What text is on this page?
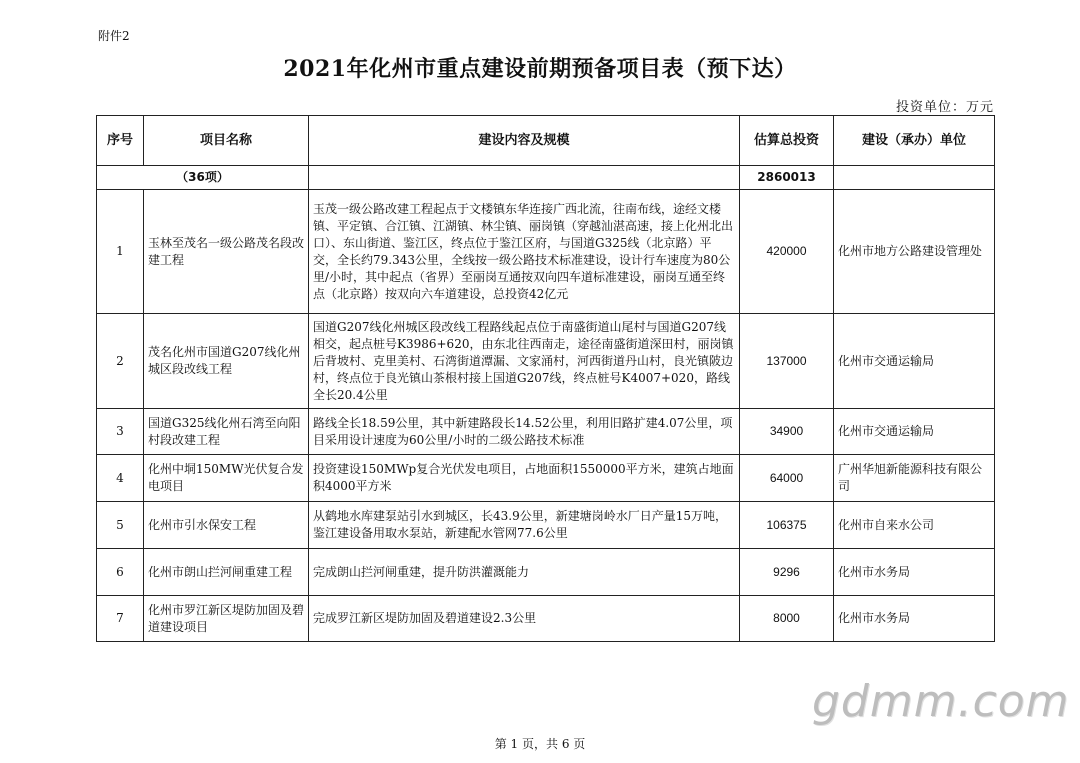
附件2
2021年化州市重点建设前期预备项目表（预下达）
投资单位：万元
序号	项目名称	建设内容及规模	估算总投资	建设（承办）单位
（36项）			2860013	
1	玉林至茂名一级公路茂名段改建工程	玉茂一级公路改建工程起点于文楼镇东华连接广西北流，往南布线，途经文楼镇、平定镇、合江镇、江湖镇、林尘镇、丽岗镇（穿越汕湛高速，接上化州北出口）、东山街道、鉴江区，终点位于鉴江区府，与国道G325线（北京路）平交，全长约79.343公里，全线按一级公路技术标准建设，设计行车速度为80公里/小时，其中起点（省界）至丽岗互通按双向四车道标准建设，丽岗互通至终点（北京路）按双向六车道建设，总投资42亿元	420000	化州市地方公路建设管理处
2	茂名化州市国道G207线化州城区段改线工程	国道G207线化州城区段改线工程路线起点位于南盛街道山尾村与国道G207线相交，起点桩号K3986+620，由东北往西南走，途径南盛街道深田村，丽岗镇后背坡村、克里美村、石湾街道潭漏、文家涌村，河西街道丹山村，良光镇陂边村，终点位于良光镇山茶根村接上国道G207线，终点桩号K4007+020，路线全长20.4公里	137000	化州市交通运输局
3	国道G325线化州石湾至向阳村段改建工程	路线全长18.59公里，其中新建路段长14.52公里，利用旧路扩建4.07公里，项目采用设计速度为60公里/小时的二级公路技术标准	34900	化州市交通运输局
4	化州中垌150MW光伏复合发电项目	投资建设150MWp复合光伏发电项目，占地面积1550000平方米，建筑占地面积4000平方米	64000	广州华旭新能源科技有限公司
5	化州市引水保安工程	从鹤地水库建泵站引水到城区，长43.9公里，新建塘岗岭水厂日产量15万吨，鉴江建设备用取水泵站，新建配水管网77.6公里	106375	化州市自来水公司
6	化州市朗山拦河闸重建工程	完成朗山拦河闸重建，提升防洪灌溉能力	9296	化州市水务局
7	化州市罗江新区堤防加固及碧道建设项目	完成罗江新区堤防加固及碧道建设2.3公里	8000	化州市水务局
gdmm.com
第 1 页，共 6 页
